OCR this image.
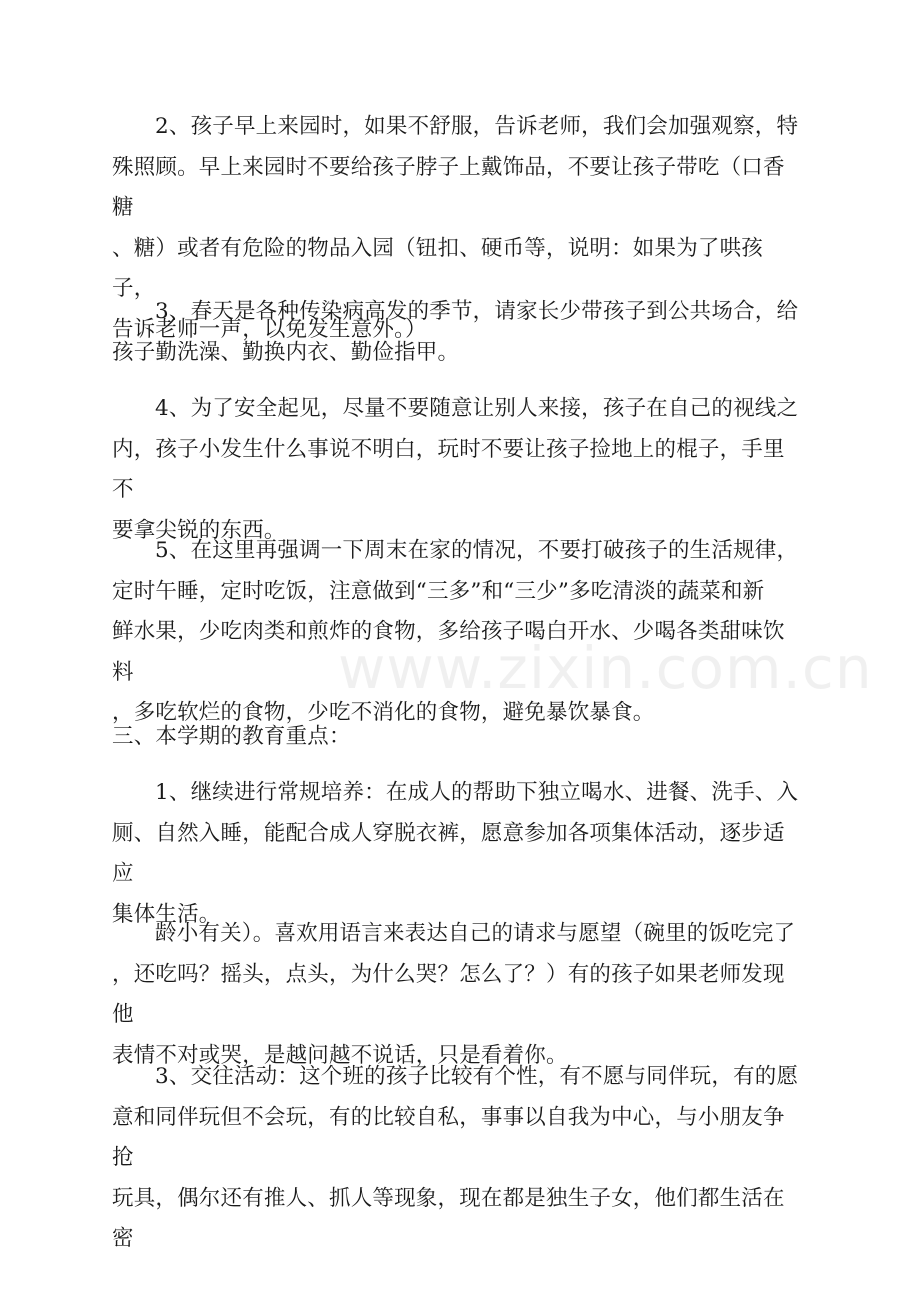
2、孩子早上来园时，如果不舒服，告诉老师，我们会加强观察，特

殊照顾。早上来园时不要给孩子脖子上戴饰品，不要让孩子带吃（口香糖

、糖）或者有危险的物品入园（钮扣、硬币等，说明：如果为了哄孩子，

告诉老师一声，以免发生意外。）

3、春天是各种传染病高发的季节，请家长少带孩子到公共场合，给

孩子勤洗澡、勤换内衣、勤俭指甲。

4、为了安全起见，尽量不要随意让别人来接，孩子在自己的视线之

内，孩子小发生什么事说不明白，玩时不要让孩子捡地上的棍子，手里不

要拿尖锐的东西。

5、在这里再强调一下周末在家的情况，不要打破孩子的生活规律，

定时午睡，定时吃饭，注意做到“三多”和“三少”多吃清淡的蔬菜和新

鲜水果，少吃肉类和煎炸的食物，多给孩子喝白开水、少喝各类甜味饮料

，多吃软烂的食物，少吃不消化的食物，避免暴饮暴食。

三、本学期的教育重点：

1、继续进行常规培养：在成人的帮助下独立喝水、进餐、洗手、入

厕、自然入睡，能配合成人穿脱衣裤，愿意参加各项集体活动，逐步适应

集体生活。

龄小有关）。喜欢用语言来表达自己的请求与愿望（碗里的饭吃完了

，还吃吗？摇头，点头，为什么哭？怎么了？）有的孩子如果老师发现他

表情不对或哭，是越问越不说话，只是看着你。

3、交往活动：这个班的孩子比较有个性，有不愿与同伴玩，有的愿

意和同伴玩但不会玩，有的比较自私，事事以自我为中心，与小朋友争抢

玩具，偶尔还有推人、抓人等现象，现在都是独生子女，他们都生活在密

www.zixin.com.cn
